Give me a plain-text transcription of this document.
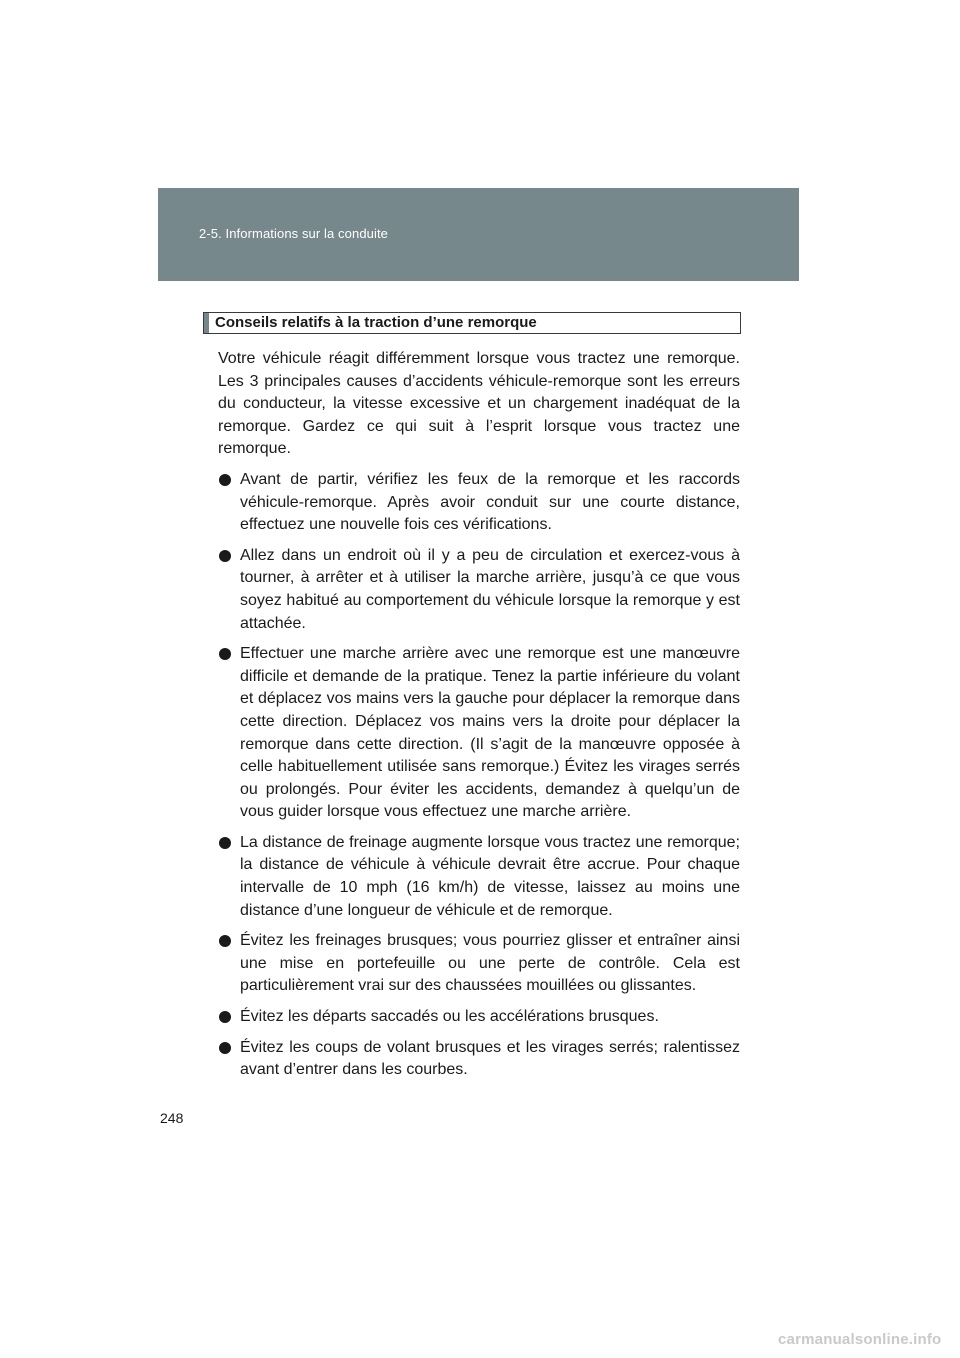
2-5. Informations sur la conduite
Conseils relatifs à la traction d’une remorque

Votre véhicule réagit différemment lorsque vous tractez une remorque. Les 3 principales causes d’accidents véhicule-remorque sont les erreurs du conducteur, la vitesse excessive et un chargement inadéquat de la remorque. Gardez ce qui suit à l’esprit lorsque vous tractez une remorque.

Avant de partir, vérifiez les feux de la remorque et les raccords véhicule-remorque. Après avoir conduit sur une courte distance, effectuez une nouvelle fois ces vérifications.
Allez dans un endroit où il y a peu de circulation et exercez-vous à tourner, à arrêter et à utiliser la marche arrière, jusqu’à ce que vous soyez habitué au comportement du véhicule lorsque la remorque y est attachée.
Effectuer une marche arrière avec une remorque est une manœuvre difficile et demande de la pratique. Tenez la partie inférieure du volant et déplacez vos mains vers la gauche pour déplacer la remorque dans cette direction. Déplacez vos mains vers la droite pour déplacer la remorque dans cette direction. (Il s’agit de la manœuvre opposée à celle habituellement utilisée sans remorque.) Évitez les virages serrés ou prolongés. Pour éviter les accidents, demandez à quelqu’un de vous guider lorsque vous effectuez une marche arrière.
La distance de freinage augmente lorsque vous tractez une remorque; la distance de véhicule à véhicule devrait être accrue. Pour chaque intervalle de 10 mph (16 km/h) de vitesse, laissez au moins une distance d’une longueur de véhicule et de remorque.
Évitez les freinages brusques; vous pourriez glisser et entraîner ainsi une mise en portefeuille ou une perte de contrôle. Cela est particulièrement vrai sur des chaussées mouillées ou glissantes.
Évitez les départs saccadés ou les accélérations brusques.
Évitez les coups de volant brusques et les virages serrés; ralentissez avant d’entrer dans les courbes.
248
carmanualsonline.info
